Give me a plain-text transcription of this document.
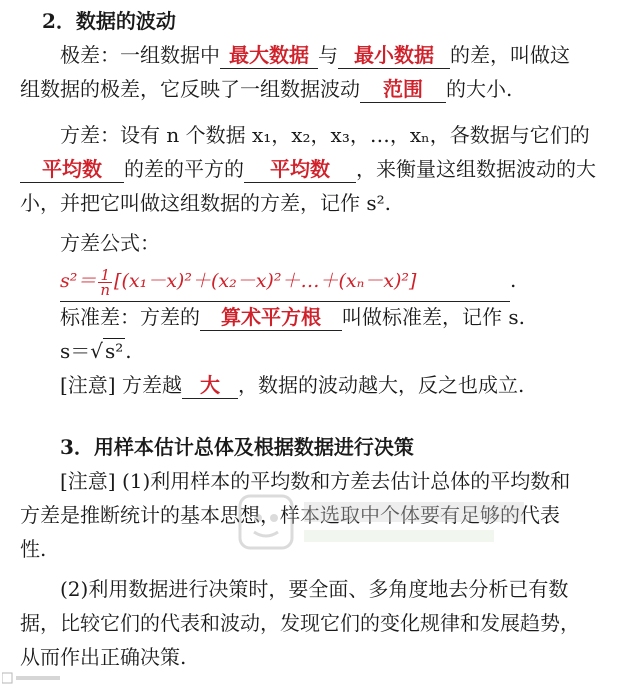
2．数据的波动
极差：一组数据中 最大数据 与 最小数据 的差，叫做这
组数据的极差，它反映了一组数据波动 范围 的大小.
方差：设有 n 个数据 x₁，x₂，x₃，…，xₙ，各数据与它们的
平均数 的差的平方的 平均数 ，来衡量这组数据波动的大
小，并把它叫做这组数据的方差，记作 s².
方差公式：
$s^2= \frac{1}{n}$ [(x₁－x)²＋(x₂－x)²＋…＋(xₙ－x)²]	.
标准差：方差的 算术平方根 叫做标准差，记作 s.
s＝√ s² .
[注意] 方差越 大 ，数据的波动越大，反之也成立.
3．用样本估计总体及根据数据进行决策
[注意] (1)利用样本的平均数和方差去估计总体的平均数和
方差是推断统计的基本思想，样本选取中个体要有足够的代表
性.
(2)利用数据进行决策时，要全面、多角度地去分析已有数
据，比较它们的代表和波动，发现它们的变化规律和发展趋势，
从而作出正确决策.
